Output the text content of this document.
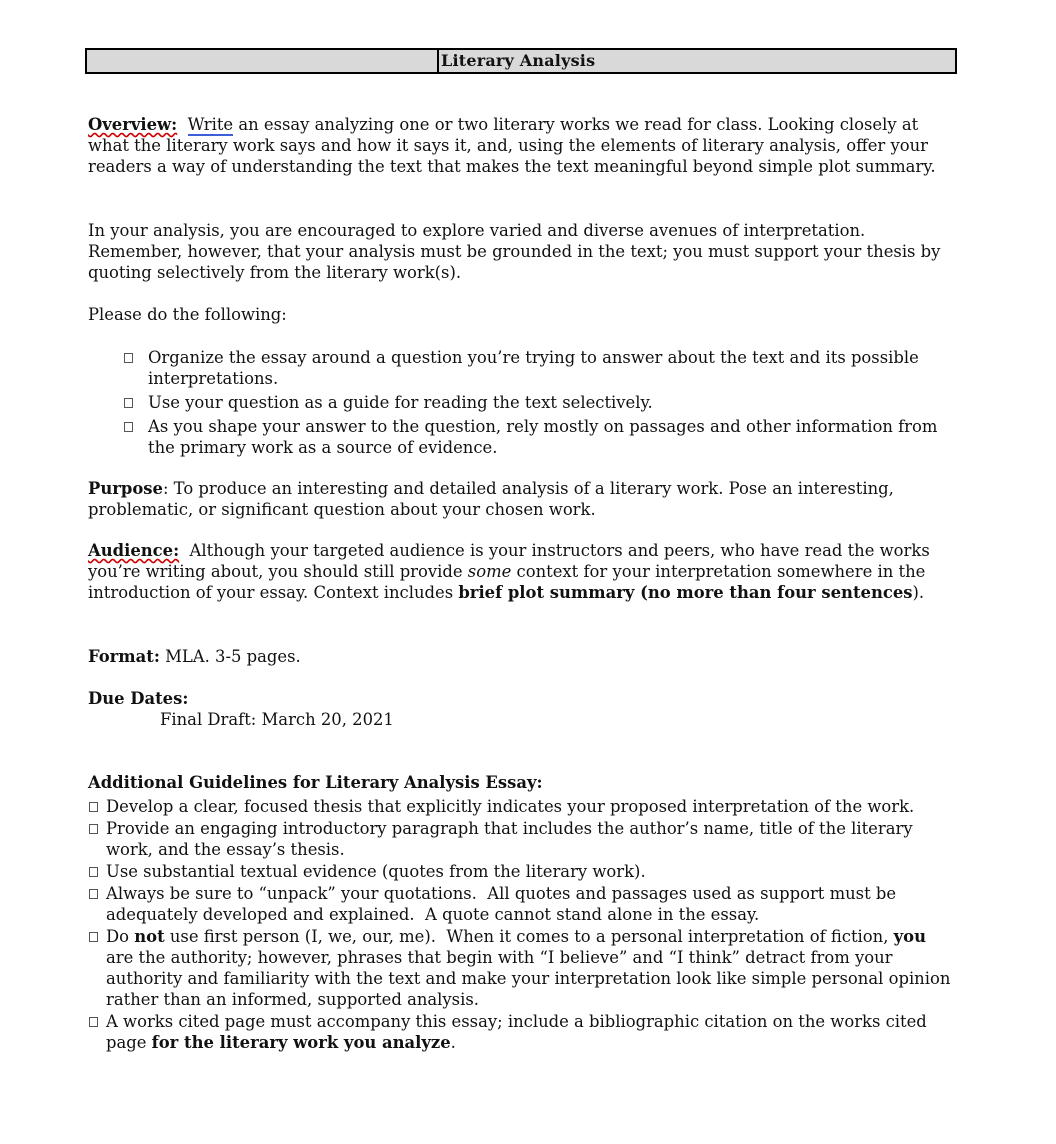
Literary Analysis

Overview: Write an essay analyzing one or two literary works we read for class. Looking closely at what the literary work says and how it says it, and, using the elements of literary analysis, offer your readers a way of understanding the text that makes the text meaningful beyond simple plot summary.

In your analysis, you are encouraged to explore varied and diverse avenues of interpretation. Remember, however, that your analysis must be grounded in the text; you must support your thesis by quoting selectively from the literary work(s).

Please do the following:

Organize the essay around a question you’re trying to answer about the text and its possible interpretations.
Use your question as a guide for reading the text selectively.
As you shape your answer to the question, rely mostly on passages and other information from the primary work as a source of evidence.

Purpose: To produce an interesting and detailed analysis of a literary work. Pose an interesting, problematic, or significant question about your chosen work.

Audience:  Although your targeted audience is your instructors and peers, who have read the works you’re writing about, you should still provide some context for your interpretation somewhere in the introduction of your essay. Context includes brief plot summary (no more than four sentences).

Format: MLA. 3-5 pages.

Due Dates:

Final Draft: March 20, 2021

Additional Guidelines for Literary Analysis Essay:

Develop a clear, focused thesis that explicitly indicates your proposed interpretation of the work.
Provide an engaging introductory paragraph that includes the author’s name, title of the literary work, and the essay’s thesis.
Use substantial textual evidence (quotes from the literary work).
Always be sure to “unpack” your quotations.  All quotes and passages used as support must be adequately developed and explained.  A quote cannot stand alone in the essay.
Do not use first person (I, we, our, me).  When it comes to a personal interpretation of fiction, you are the authority; however, phrases that begin with “I believe” and “I think” detract from your authority and familiarity with the text and make your interpretation look like simple personal opinion rather than an informed, supported analysis.
A works cited page must accompany this essay; include a bibliographic citation on the works cited page for the literary work you analyze.
